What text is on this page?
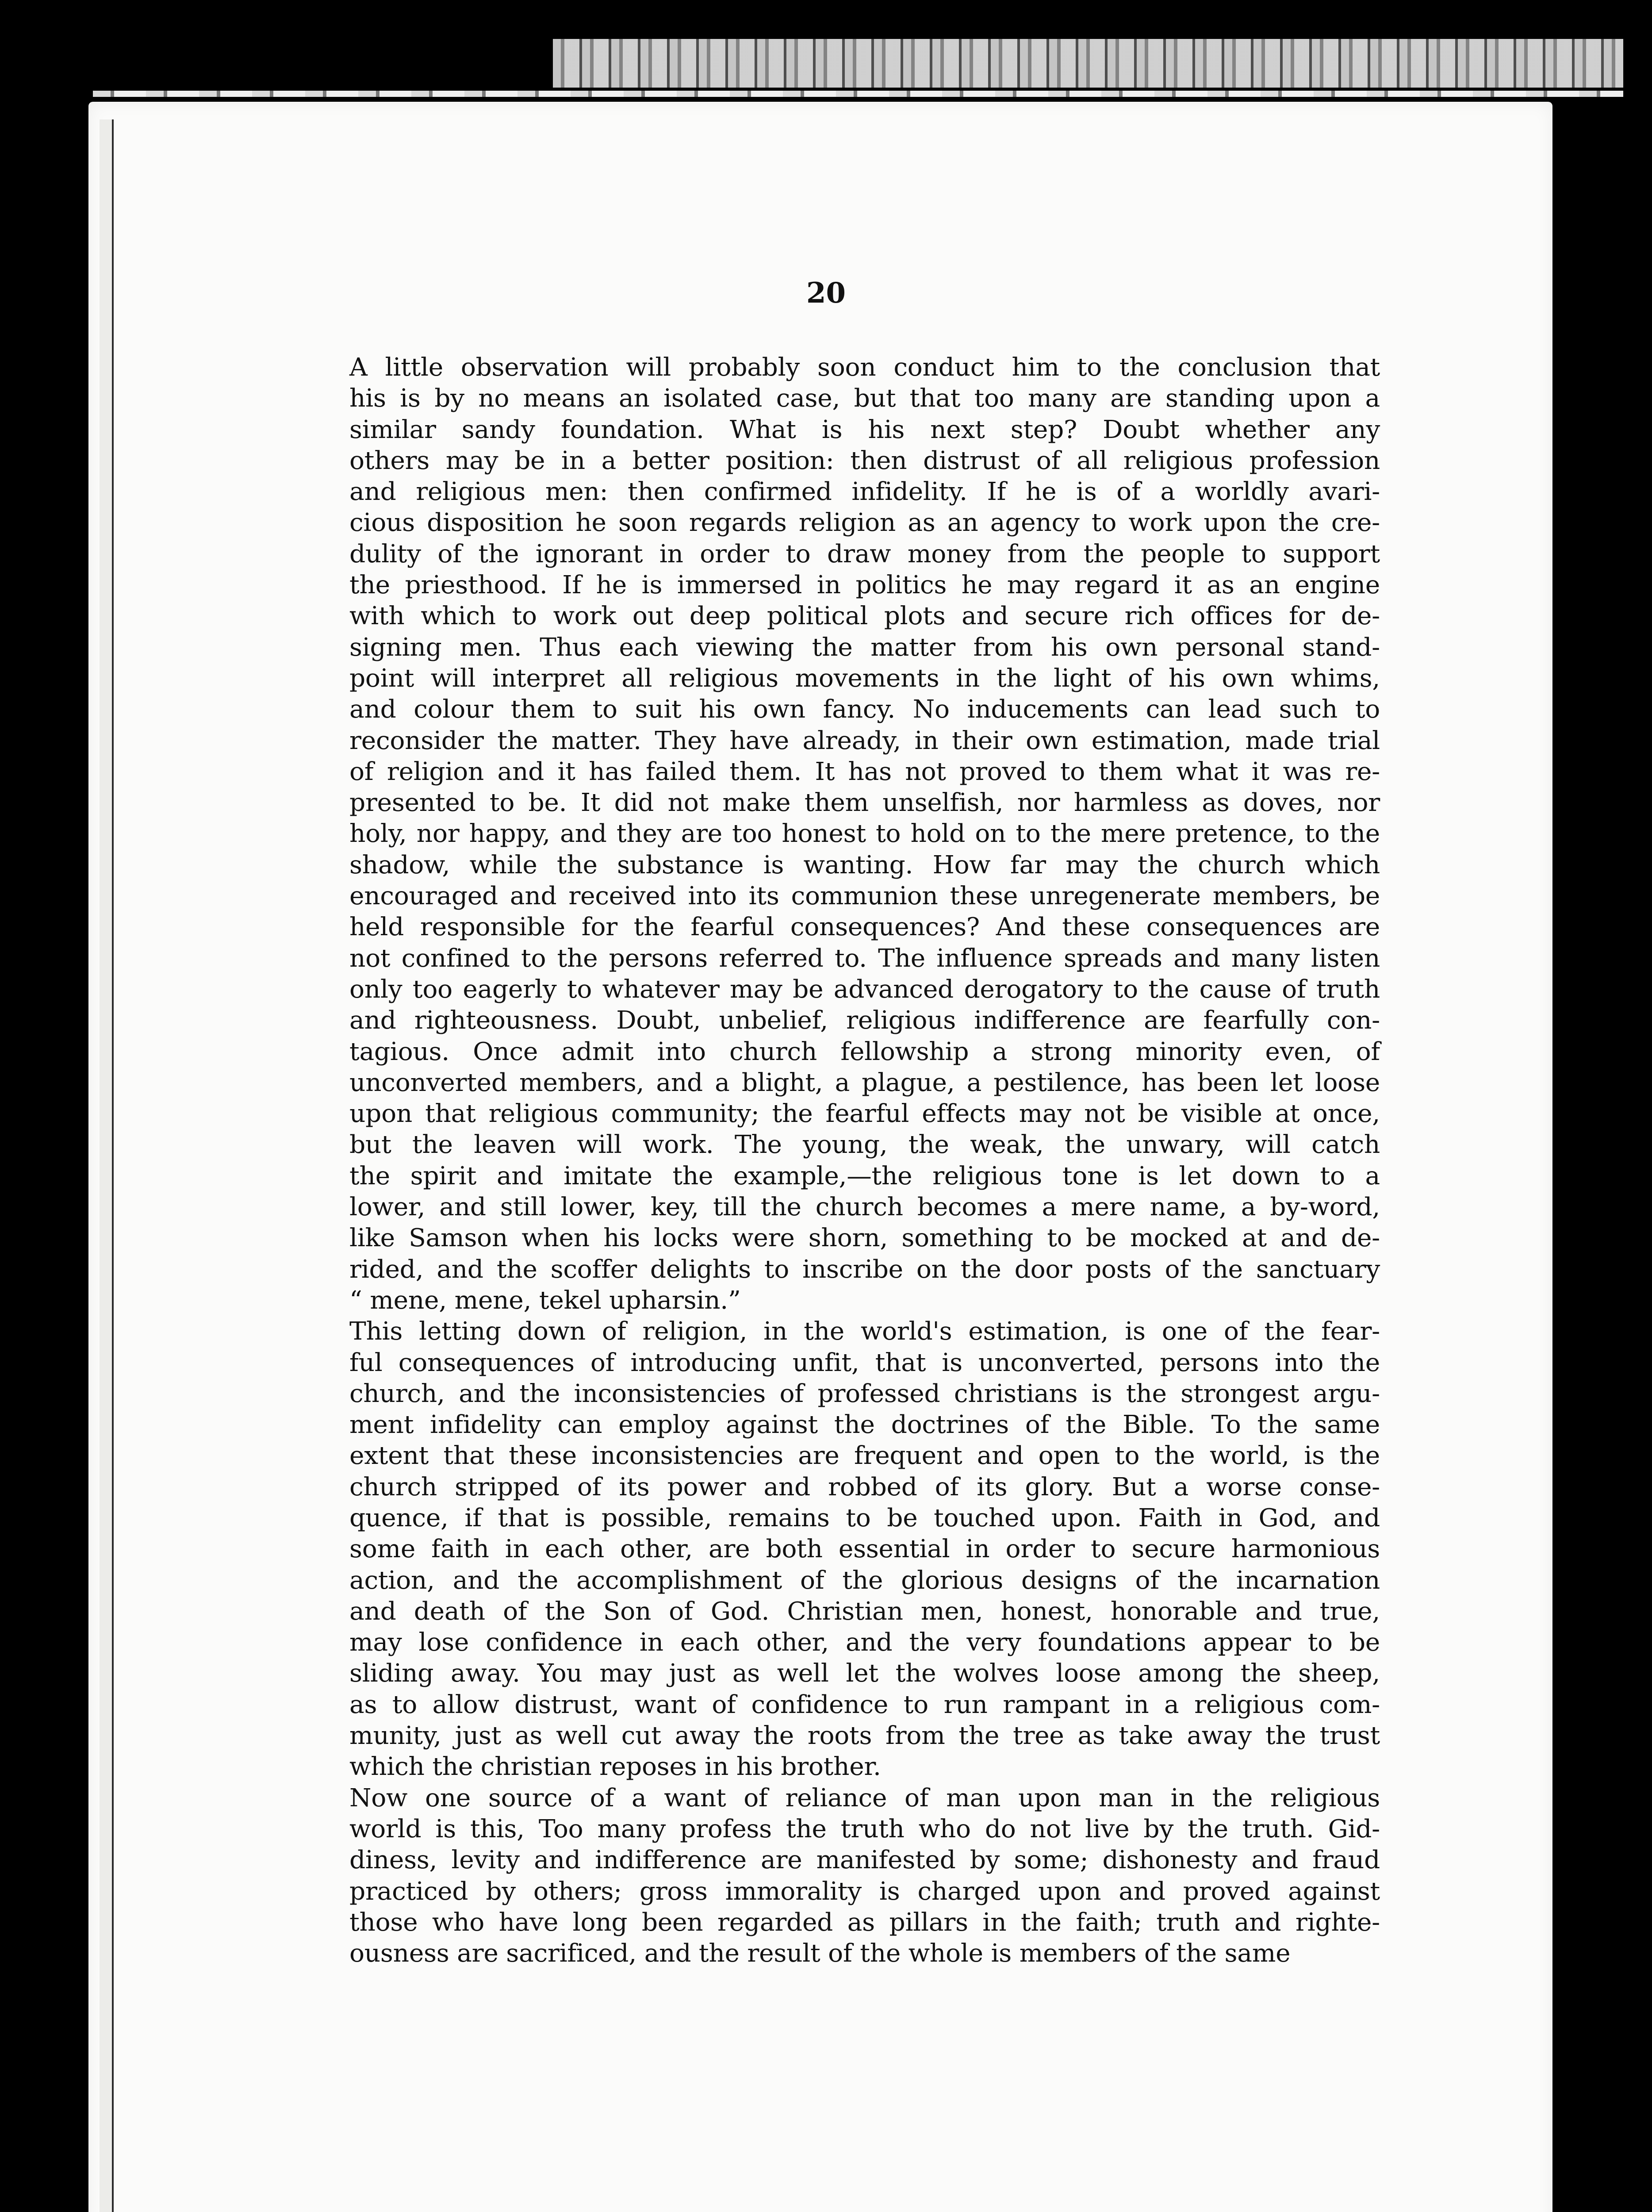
20
A little observation will probably soon conduct him to the conclusion that
his is by no means an isolated case, but that too many are standing upon a
similar sandy foundation. What is his next step? Doubt whether any
others may be in a better position: then distrust of all religious profession
and religious men: then confirmed infidelity. If he is of a worldly avari-
cious disposition he soon regards religion as an agency to work upon the cre-
dulity of the ignorant in order to draw money from the people to support
the priesthood. If he is immersed in politics he may regard it as an engine
with which to work out deep political plots and secure rich offices for de-
signing men. Thus each viewing the matter from his own personal stand-
point will interpret all religious movements in the light of his own whims,
and colour them to suit his own fancy. No inducements can lead such to
reconsider the matter. They have already, in their own estimation, made trial
of religion and it has failed them. It has not proved to them what it was re-
presented to be. It did not make them unselfish, nor harmless as doves, nor
holy, nor happy, and they are too honest to hold on to the mere pretence, to the
shadow, while the substance is wanting. How far may the church which
encouraged and received into its communion these unregenerate members, be
held responsible for the fearful consequences? And these consequences are
not confined to the persons referred to. The influence spreads and many listen
only too eagerly to whatever may be advanced derogatory to the cause of truth
and righteousness. Doubt, unbelief, religious indifference are fearfully con-
tagious. Once admit into church fellowship a strong minority even, of
unconverted members, and a blight, a plague, a pestilence, has been let loose
upon that religious community; the fearful effects may not be visible at once,
but the leaven will work. The young, the weak, the unwary, will catch
the spirit and imitate the example,—the religious tone is let down to a
lower, and still lower, key, till the church becomes a mere name, a by-word,
like Samson when his locks were shorn, something to be mocked at and de-
rided, and the scoffer delights to inscribe on the door posts of the sanctuary
“ mene, mene, tekel upharsin.”
This letting down of religion, in the world's estimation, is one of the fear-
ful consequences of introducing unfit, that is unconverted, persons into the
church, and the inconsistencies of professed christians is the strongest argu-
ment infidelity can employ against the doctrines of the Bible. To the same
extent that these inconsistencies are frequent and open to the world, is the
church stripped of its power and robbed of its glory. But a worse conse-
quence, if that is possible, remains to be touched upon. Faith in God, and
some faith in each other, are both essential in order to secure harmonious
action, and the accomplishment of the glorious designs of the incarnation
and death of the Son of God. Christian men, honest, honorable and true,
may lose confidence in each other, and the very foundations appear to be
sliding away. You may just as well let the wolves loose among the sheep,
as to allow distrust, want of confidence to run rampant in a religious com-
munity, just as well cut away the roots from the tree as take away the trust
which the christian reposes in his brother.
Now one source of a want of reliance of man upon man in the religious
world is this, Too many profess the truth who do not live by the truth. Gid-
diness, levity and indifference are manifested by some; dishonesty and fraud
practiced by others; gross immorality is charged upon and proved against
those who have long been regarded as pillars in the faith; truth and righte-
ousness are sacrificed, and the result of the whole is members of the same
